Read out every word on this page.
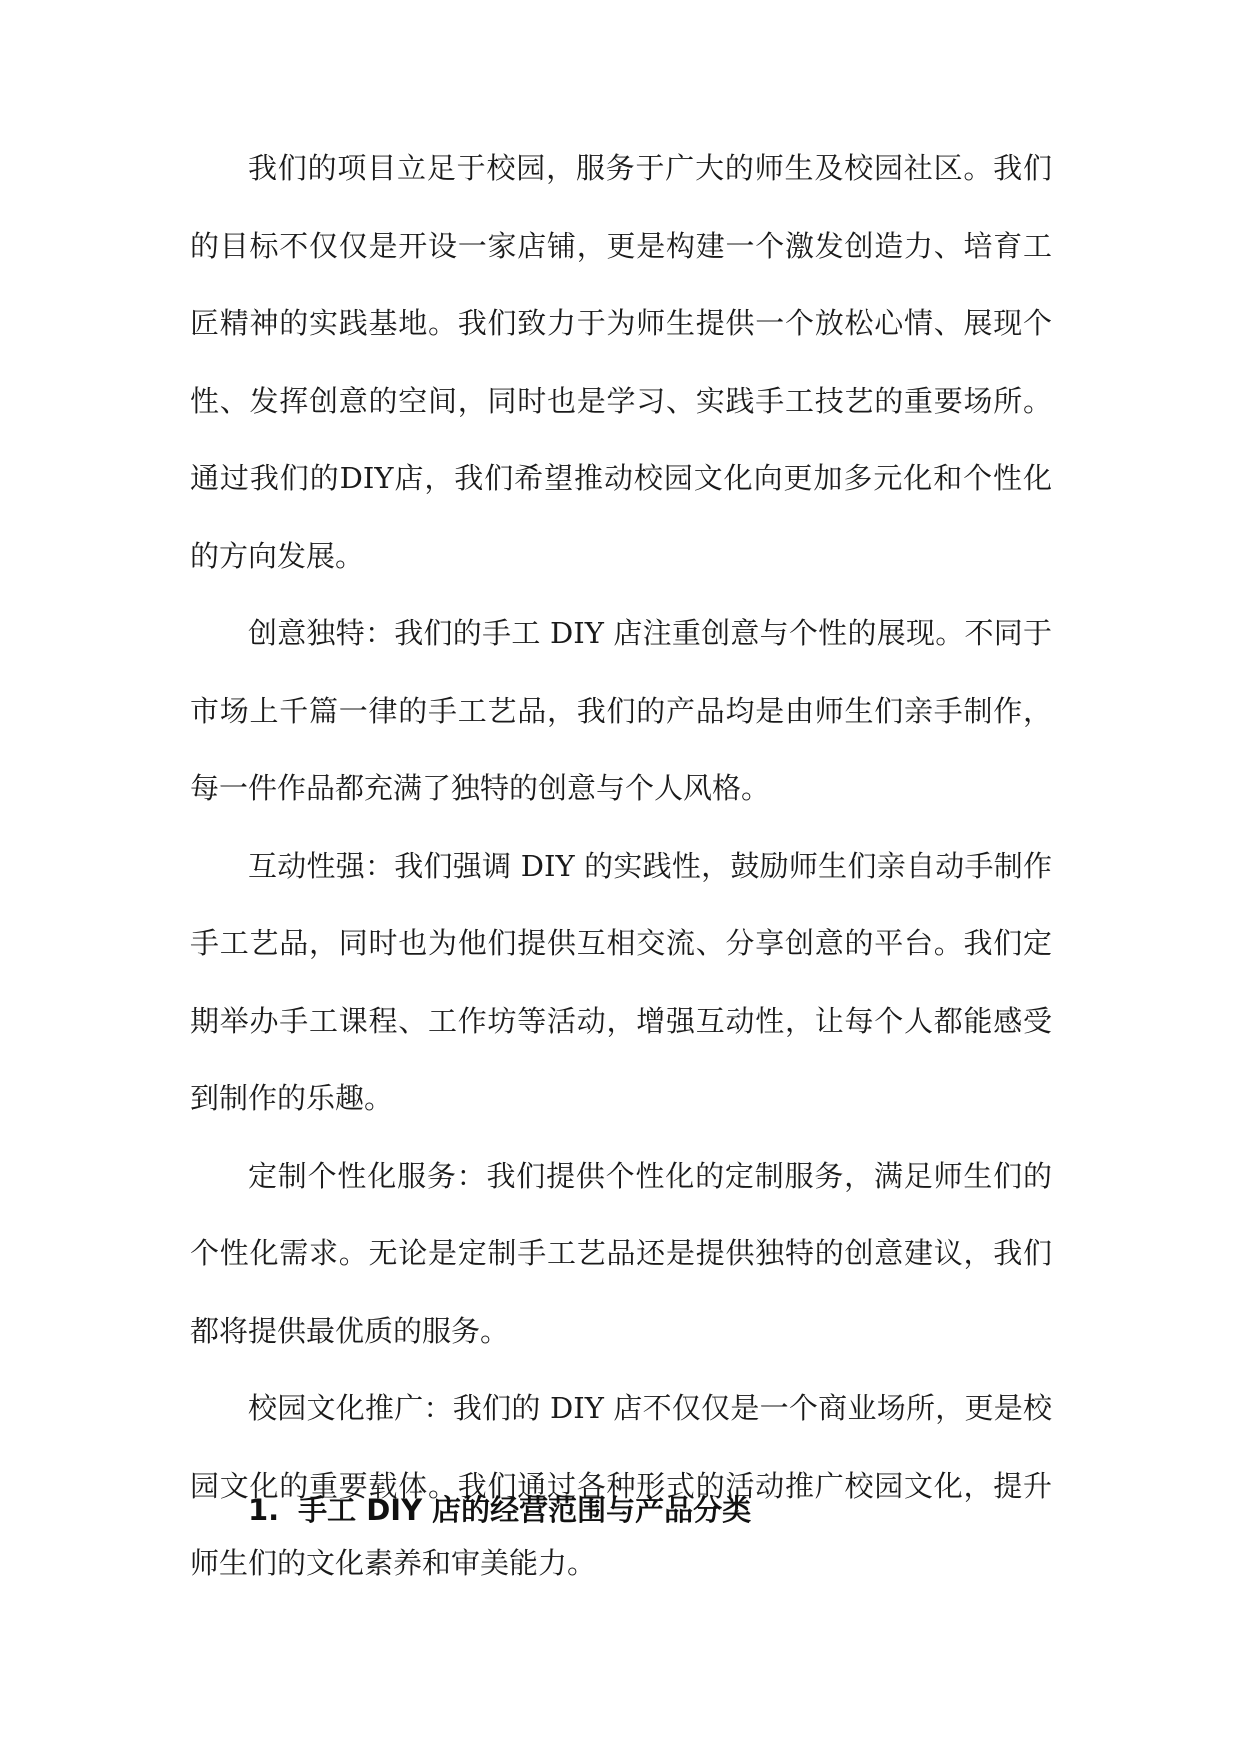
我们的项目立足于校园，服务于广大的师生及校园社区。我们的目标不仅仅是开设一家店铺，更是构建一个激发创造力、培育工匠精神的实践基地。我们致力于为师生提供一个放松心情、展现个性、发挥创意的空间，同时也是学习、实践手工技艺的重要场所。通过我们的DIY店，我们希望推动校园文化向更加多元化和个性化的方向发展。

创意独特：我们的手工 DIY 店注重创意与个性的展现。不同于市场上千篇一律的手工艺品，我们的产品均是由师生们亲手制作，每一件作品都充满了独特的创意与个人风格。

互动性强：我们强调 DIY 的实践性，鼓励师生们亲自动手制作手工艺品，同时也为他们提供互相交流、分享创意的平台。我们定期举办手工课程、工作坊等活动，增强互动性，让每个人都能感受到制作的乐趣。

定制个性化服务：我们提供个性化的定制服务，满足师生们的个性化需求。无论是定制手工艺品还是提供独特的创意建议，我们都将提供最优质的服务。

校园文化推广：我们的 DIY 店不仅仅是一个商业场所，更是校园文化的重要载体。我们通过各种形式的活动推广校园文化，提升师生们的文化素养和审美能力。

1. 手工 DIY 店的经营范围与产品分类
